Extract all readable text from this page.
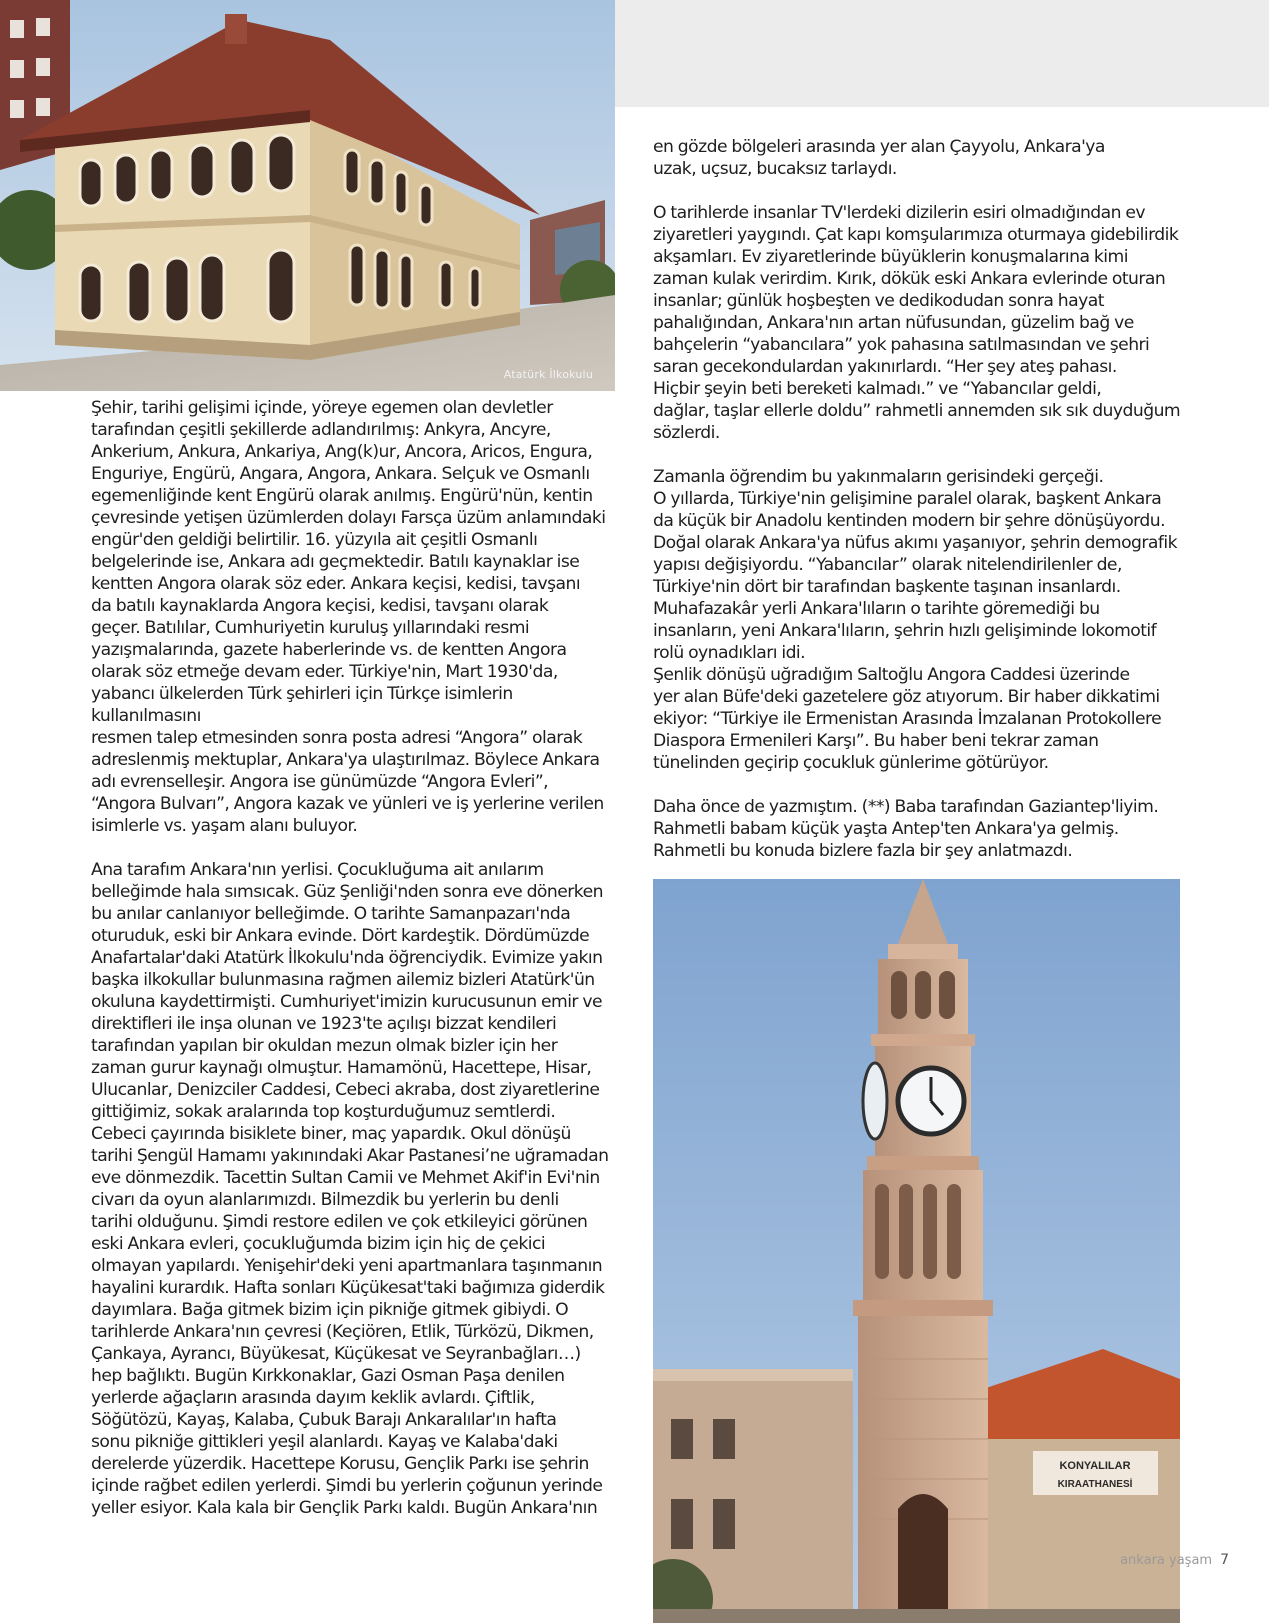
Atatürk İlkokulu

Şehir, tarihi gelişimi içinde, yöreye egemen olan devletler
tarafından çeşitli şekillerde adlandırılmış: Ankyra, Ancyre,
Ankerium, Ankura, Ankariya, Ang(k)ur, Ancora, Aricos, Engura,
Enguriye, Engürü, Angara, Angora, Ankara. Selçuk ve Osmanlı
egemenliğinde kent Engürü olarak anılmış. Engürü'nün, kentin
çevresinde yetişen üzümlerden dolayı Farsça üzüm anlamındaki
engür'den geldiği belirtilir. 16. yüzyıla ait çeşitli Osmanlı
belgelerinde ise, Ankara adı geçmektedir. Batılı kaynaklar ise
kentten Angora olarak söz eder. Ankara keçisi, kedisi, tavşanı
da batılı kaynaklarda Angora keçisi, kedisi, tavşanı olarak
geçer. Batılılar, Cumhuriyetin kuruluş yıllarındaki resmi
yazışmalarında, gazete haberlerinde vs. de kentten Angora
olarak söz etmeğe devam eder. Türkiye'nin, Mart 1930'da,
yabancı ülkelerden Türk şehirleri için Türkçe isimlerin kullanılmasını
resmen talep etmesinden sonra posta adresi “Angora” olarak
adreslenmiş mektuplar, Ankara'ya ulaştırılmaz. Böylece Ankara
adı evrenselleşir. Angora ise günümüzde “Angora Evleri”,
“Angora Bulvarı”, Angora kazak ve yünleri ve iş yerlerine verilen
isimlerle vs. yaşam alanı buluyor.

Ana tarafım Ankara'nın yerlisi. Çocukluğuma ait anılarım
belleğimde hala sımsıcak. Güz Şenliği'nden sonra eve dönerken
bu anılar canlanıyor belleğimde. O tarihte Samanpazarı'nda
oturuduk, eski bir Ankara evinde. Dört kardeştik. Dördümüzde
Anafartalar'daki Atatürk İlkokulu'nda öğrenciydik. Evimize yakın
başka ilkokullar bulunmasına rağmen ailemiz bizleri Atatürk'ün
okuluna kaydettirmişti. Cumhuriyet'imizin kurucusunun emir ve
direktifleri ile inşa olunan ve 1923'te açılışı bizzat kendileri
tarafından yapılan bir okuldan mezun olmak bizler için her
zaman gurur kaynağı olmuştur. Hamamönü, Hacettepe, Hisar,
Ulucanlar, Denizciler Caddesi, Cebeci akraba, dost ziyaretlerine
gittiğimiz, sokak aralarında top koşturduğumuz semtlerdi.
Cebeci çayırında bisiklete biner, maç yapardık. Okul dönüşü
tarihi Şengül Hamamı yakınındaki Akar Pastanesi’ne uğramadan
eve dönmezdik. Tacettin Sultan Camii ve Mehmet Akif'in Evi'nin
civarı da oyun alanlarımızdı. Bilmezdik bu yerlerin bu denli
tarihi olduğunu. Şimdi restore edilen ve çok etkileyici görünen
eski Ankara evleri, çocukluğumda bizim için hiç de çekici
olmayan yapılardı. Yenişehir'deki yeni apartmanlara taşınmanın
hayalini kurardık. Hafta sonları Küçükesat'taki bağımıza giderdik
dayımlara. Bağa gitmek bizim için pikniğe gitmek gibiydi. O
tarihlerde Ankara'nın çevresi (Keçiören, Etlik, Türközü, Dikmen,
Çankaya, Ayrancı, Büyükesat, Küçükesat ve Seyranbağları…)
hep bağlıktı. Bugün Kırkkonaklar, Gazi Osman Paşa denilen
yerlerde ağaçların arasında dayım keklik avlardı. Çiftlik,
Söğütözü, Kayaş, Kalaba, Çubuk Barajı Ankaralılar'ın hafta
sonu pikniğe gittikleri yeşil alanlardı. Kayaş ve Kalaba'daki
derelerde yüzerdik. Hacettepe Korusu, Gençlik Parkı ise şehrin
içinde rağbet edilen yerlerdi. Şimdi bu yerlerin çoğunun yerinde
yeller esiyor. Kala kala bir Gençlik Parkı kaldı. Bugün Ankara'nın

en gözde bölgeleri arasında yer alan Çayyolu, Ankara'ya
uzak, uçsuz, bucaksız tarlaydı.

O tarihlerde insanlar TV'lerdeki dizilerin esiri olmadığından ev
ziyaretleri yaygındı. Çat kapı komşularımıza oturmaya gidebilirdik
akşamları. Ev ziyaretlerinde büyüklerin konuşmalarına kimi
zaman kulak verirdim. Kırık, dökük eski Ankara evlerinde oturan
insanlar; günlük hoşbeşten ve dedikodudan sonra hayat
pahalığından, Ankara'nın artan nüfusundan, güzelim bağ ve
bahçelerin “yabancılara” yok pahasına satılmasından ve şehri
saran gecekondulardan yakınırlardı. “Her şey ateş pahası.
Hiçbir şeyin beti bereketi kalmadı.” ve “Yabancılar geldi,
dağlar, taşlar ellerle doldu” rahmetli annemden sık sık duyduğum
sözlerdi.

Zamanla öğrendim bu yakınmaların gerisindeki gerçeği.
O yıllarda, Türkiye'nin gelişimine paralel olarak, başkent Ankara
da küçük bir Anadolu kentinden modern bir şehre dönüşüyordu.
Doğal olarak Ankara'ya nüfus akımı yaşanıyor, şehrin demografik
yapısı değişiyordu. “Yabancılar” olarak nitelendirilenler de,
Türkiye'nin dört bir tarafından başkente taşınan insanlardı.
Muhafazakâr yerli Ankara'lıların o tarihte göremediği bu
insanların, yeni Ankara'lıların, şehrin hızlı gelişiminde lokomotif
rolü oynadıkları idi.
Şenlik dönüşü uğradığım Saltoğlu Angora Caddesi üzerinde
yer alan Büfe'deki gazetelere göz atıyorum. Bir haber dikkatimi
ekiyor: “Türkiye ile Ermenistan Arasında İmzalanan Protokollere
Diaspora Ermenileri Karşı”. Bu haber beni tekrar zaman
tünelinden geçirip çocukluk günlerime götürüyor.

Daha önce de yazmıştım. (**) Baba tarafından Gaziantep'liyim.
Rahmetli babam küçük yaşta Antep'ten Ankara'ya gelmiş.
Rahmetli bu konuda bizlere fazla bir şey anlatmazdı.

KONYALILAR
KIRAATHANESİ
ankara yaşam 7
